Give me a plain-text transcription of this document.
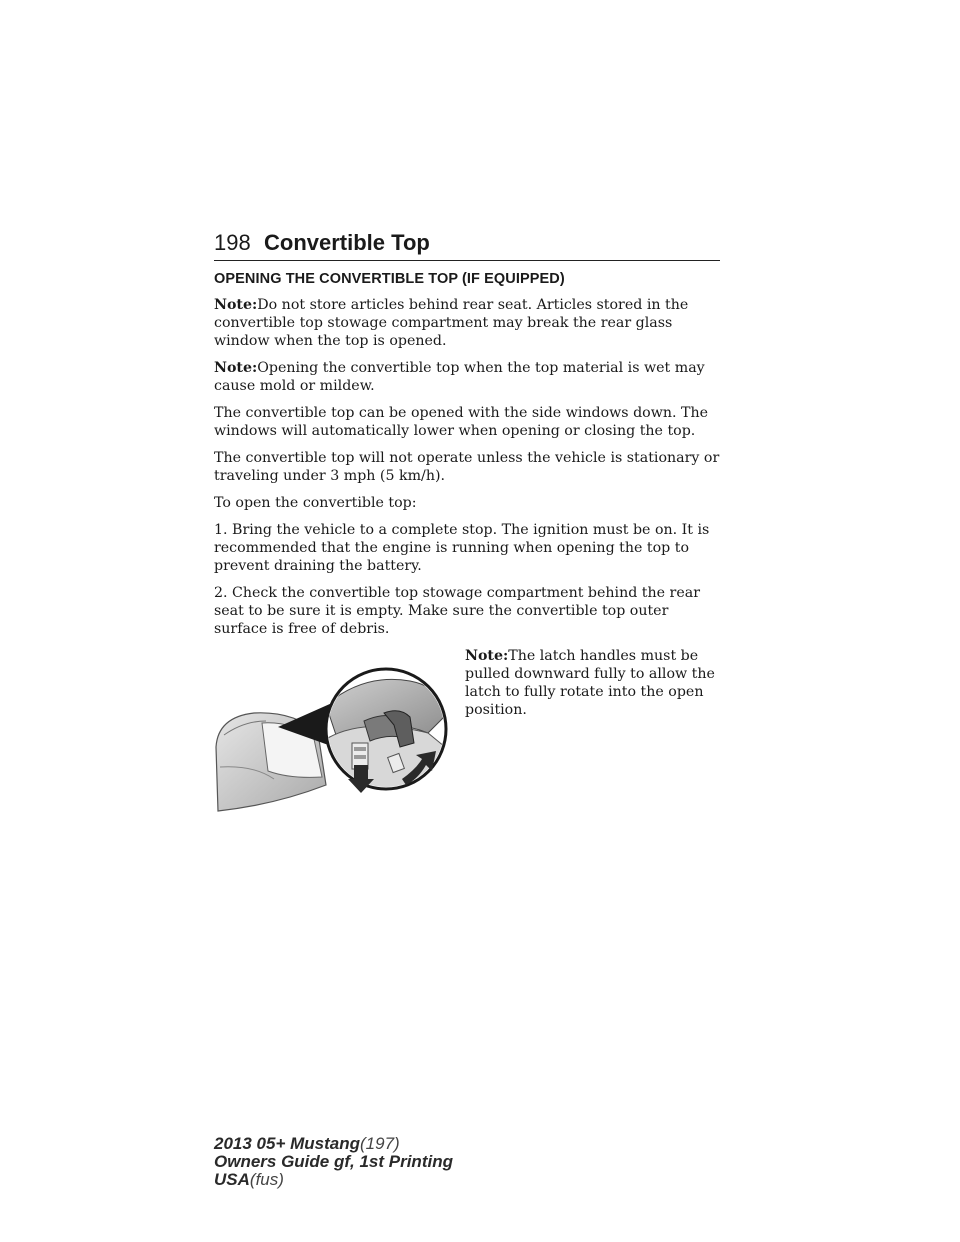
198 Convertible Top
OPENING THE CONVERTIBLE TOP (IF EQUIPPED)

Note:Do not store articles behind rear seat. Articles stored in the convertible top stowage compartment may break the rear glass window when the top is opened.

Note:Opening the convertible top when the top material is wet may cause mold or mildew.

The convertible top can be opened with the side windows down. The windows will automatically lower when opening or closing the top.

The convertible top will not operate unless the vehicle is stationary or traveling under 3 mph (5 km/h).

To open the convertible top:

1. Bring the vehicle to a complete stop. The ignition must be on. It is recommended that the engine is running when opening the top to prevent draining the battery.

2. Check the convertible top stowage compartment behind the rear seat to be sure it is empty. Make sure the convertible top outer surface is free of debris.

Note:The latch handles must be pulled downward fully to allow the latch to fully rotate into the open position.

2013 05+ Mustang(197)
Owners Guide gf, 1st Printing
USA(fus)
